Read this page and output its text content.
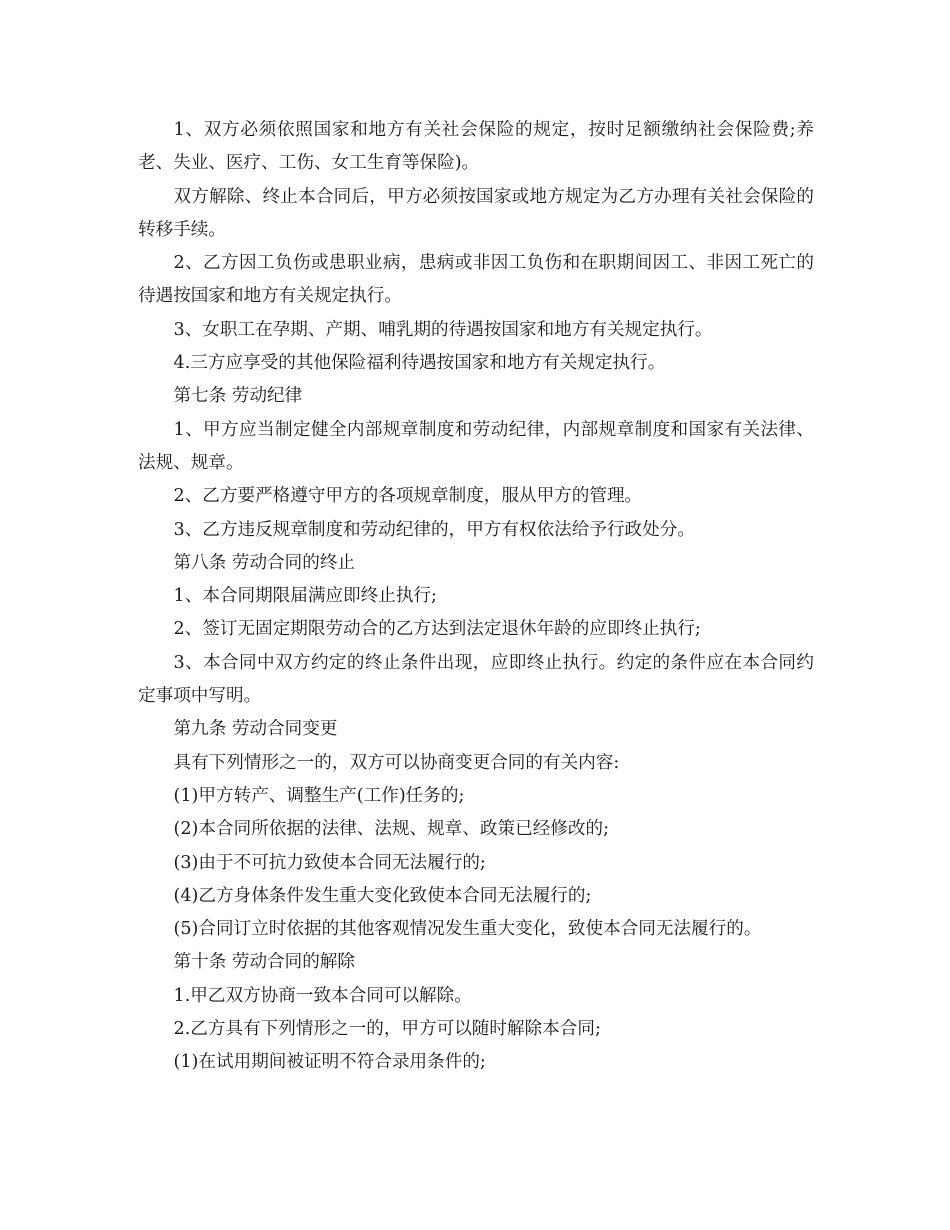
1、双方必须依照国家和地方有关社会保险的规定，按时足额缴纳社会保险费;养老、失业、医疗、工伤、女工生育等保险)。

双方解除、终止本合同后，甲方必须按国家或地方规定为乙方办理有关社会保险的转移手续。

2、乙方因工负伤或患职业病，患病或非因工负伤和在职期间因工、非因工死亡的待遇按国家和地方有关规定执行。

3、女职工在孕期、产期、哺乳期的待遇按国家和地方有关规定执行。

4.三方应享受的其他保险福利待遇按国家和地方有关规定执行。

第七条 劳动纪律

1、甲方应当制定健全内部规章制度和劳动纪律，内部规章制度和国家有关法律、法规、规章。

2、乙方要严格遵守甲方的各项规章制度，服从甲方的管理。

3、乙方违反规章制度和劳动纪律的，甲方有权依法给予行政处分。

第八条 劳动合同的终止

1、本合同期限届满应即终止执行;

2、签订无固定期限劳动合的乙方达到法定退休年龄的应即终止执行;

3、本合同中双方约定的终止条件出现，应即终止执行。约定的条件应在本合同约定事项中写明。

第九条 劳动合同变更

具有下列情形之一的，双方可以协商变更合同的有关内容:

(1)甲方转产、调整生产(工作)任务的;

(2)本合同所依据的法律、法规、规章、政策已经修改的;

(3)由于不可抗力致使本合同无法履行的;

(4)乙方身体条件发生重大变化致使本合同无法履行的;

(5)合同订立时依据的其他客观情况发生重大变化，致使本合同无法履行的。

第十条 劳动合同的解除

1.甲乙双方协商一致本合同可以解除。

2.乙方具有下列情形之一的，甲方可以随时解除本合同;

(1)在试用期间被证明不符合录用条件的;
